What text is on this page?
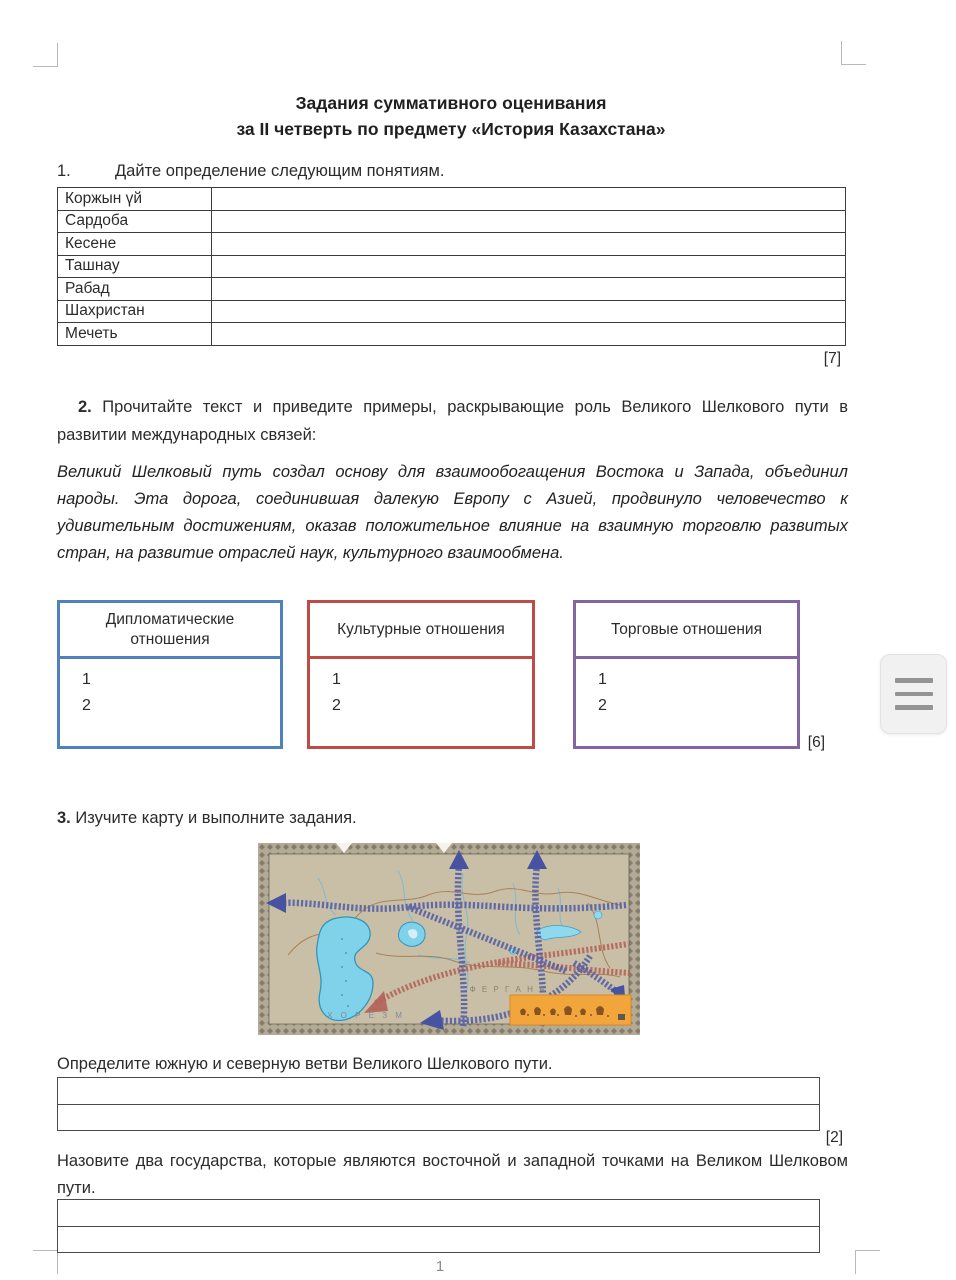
Задания суммативного оценивания
за II четверть по предмету «История Казахстана»
1.	Дайте определение следующим понятиям.
Коржын үй	
Сардоба	
Кесене	
Ташнау	
Рабад	
Шахристан	
Мечеть	
[7]
2. Прочитайте текст и приведите примеры, раскрывающие роль Великого Шелкового пути в развитии международных связей:
Великий Шелковый путь создал основу для взаимообогащения Востока и Запада, объединил народы. Эта дорога, соединившая далекую Европу с Азией, продвинуло человечество к удивительным достижениям, оказав положительное влияние на взаимную торговлю развитых стран, на развитие отраслей наук, культурного взаимообмена.
Дипломатические отношения
1
2
Культурные отношения
1
2
Торговые отношения
1
2
[6]
3. Изучите карту и выполните задания.
Х О Р Е З М
Ф Е Р Г А Н А
Определите южную и северную ветви Великого Шелкового пути.

[2]
Назовите два государства, которые являются восточной и западной точками на Великом Шелковом пути.

1
